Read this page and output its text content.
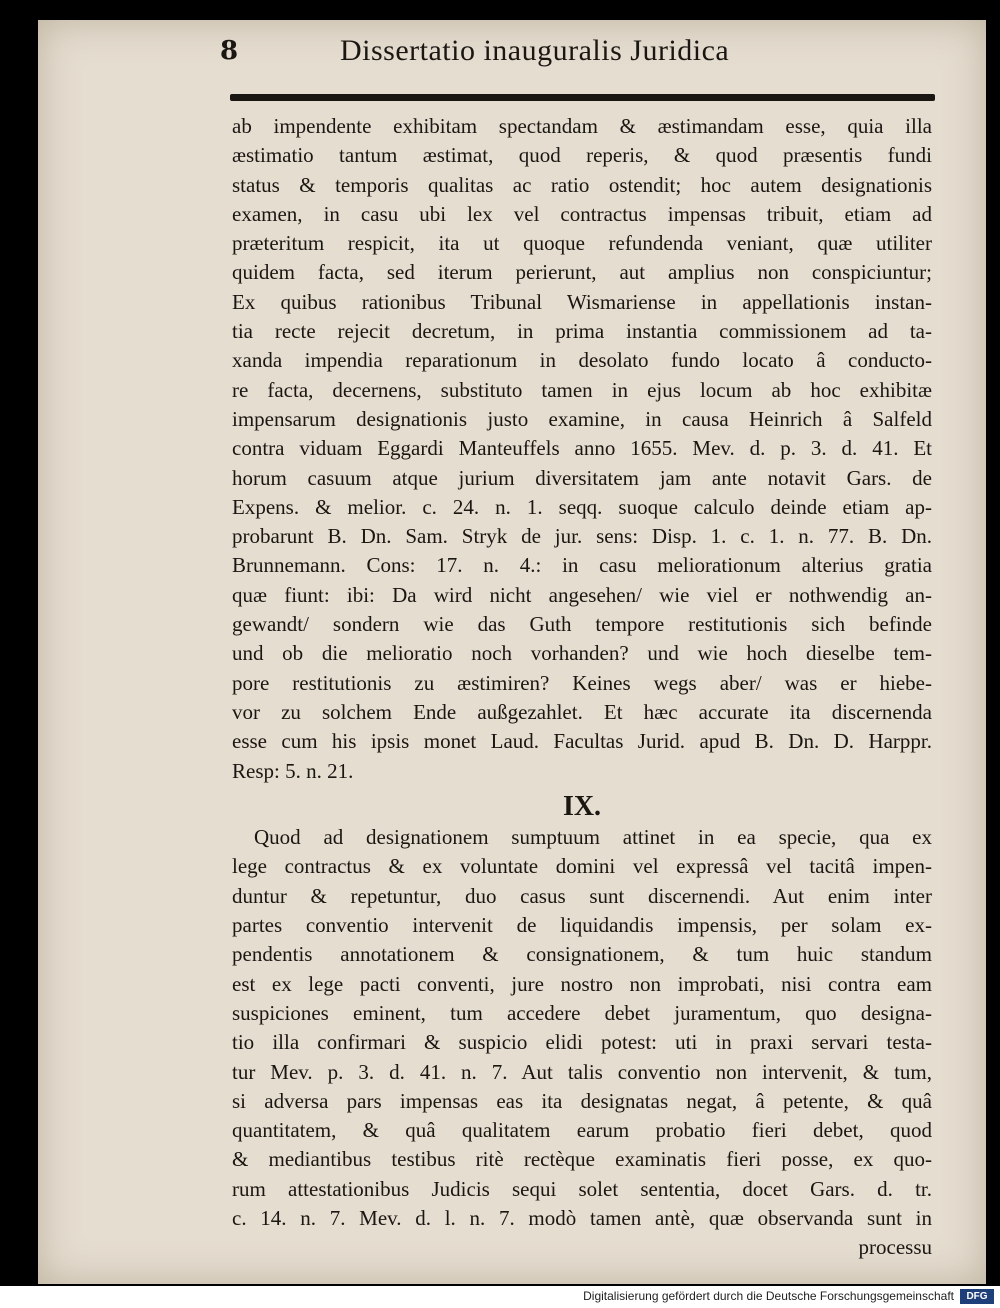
8	Dissertatio inauguralis Juridica
ab impendente exhibitam spectandam & æstimandam esse, quia illa
æstimatio tantum æstimat, quod reperis, & quod præsentis fundi
status & temporis qualitas ac ratio ostendit; hoc autem designationis
examen, in casu ubi lex vel contractus impensas tribuit, etiam ad
præteritum respicit, ita ut quoque refundenda veniant, quæ utiliter
quidem facta, sed iterum perierunt, aut amplius non conspiciuntur;
Ex quibus rationibus Tribunal Wismariense in appellationis instan-
tia recte rejecit decretum, in prima instantia commissionem ad ta-
xanda impendia reparationum in desolato fundo locato â conducto-
re facta, decernens, substituto tamen in ejus locum ab hoc exhibitæ
impensarum designationis justo examine, in causa Heinrich â Salfeld
contra viduam Eggardi Manteuffels anno 1655. Mev. d. p. 3. d. 41. Et
horum casuum atque jurium diversitatem jam ante notavit Gars. de
Expens. & melior. c. 24. n. 1. seqq. suoque calculo deinde etiam ap-
probarunt B. Dn. Sam. Stryk de jur. sens: Disp. 1. c. 1. n. 77. B. Dn.
Brunnemann. Cons: 17. n. 4.: in casu meliorationum alterius gratia
quæ fiunt: ibi: Da wird nicht angesehen/ wie viel er nothwendig an-
gewandt/ sondern wie das Guth tempore restitutionis sich befinde
und ob die melioratio noch vorhanden? und wie hoch dieselbe tem-
pore restitutionis zu æstimiren? Keines wegs aber/ was er hiebe-
vor zu solchem Ende außgezahlet. Et hæc accurate ita discernenda
esse cum his ipsis monet Laud. Facultas Jurid. apud B. Dn. D. Harppr.
Resp: 5. n. 21.
IX.
Quod ad designationem sumptuum attinet in ea specie, qua ex
lege contractus & ex voluntate domini vel expressâ vel tacitâ impen-
duntur & repetuntur, duo casus sunt discernendi. Aut enim inter
partes conventio intervenit de liquidandis impensis, per solam ex-
pendentis annotationem & consignationem, & tum huic standum
est ex lege pacti conventi, jure nostro non improbati, nisi contra eam
suspiciones eminent, tum accedere debet juramentum, quo designa-
tio illa confirmari & suspicio elidi potest: uti in praxi servari testa-
tur Mev. p. 3. d. 41. n. 7. Aut talis conventio non intervenit, & tum,
si adversa pars impensas eas ita designatas negat, â petente, & quâ
quantitatem, & quâ qualitatem earum probatio fieri debet, quod
& mediantibus testibus ritè rectèque examinatis fieri posse, ex quo-
rum attestationibus Judicis sequi solet sententia, docet Gars. d. tr.
c. 14. n. 7. Mev. d. l. n. 7. modò tamen antè, quæ observanda sunt in
processu
Digitalisierung gefördert durch die Deutsche Forschungsgemeinschaft	DFG
